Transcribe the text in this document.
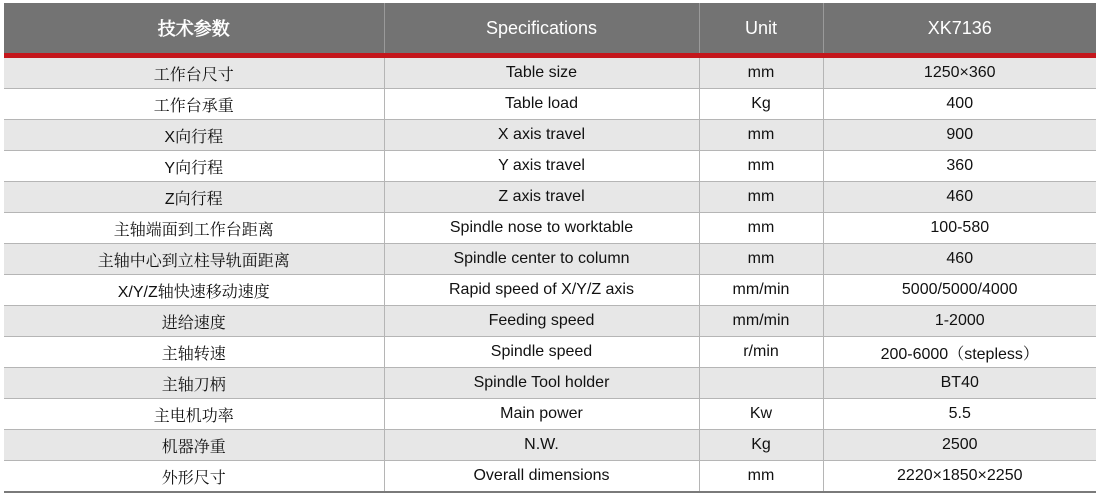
技术参数	Specifications	Unit	XK7136
工作台尺寸	Table size	mm	1250×360
工作台承重	Table load	Kg	400
X向行程	X axis travel	mm	900
Y向行程	Y axis travel	mm	360
Z向行程	Z axis travel	mm	460
主轴端面到工作台距离	Spindle nose to worktable	mm	100-580
主轴中心到立柱导轨面距离	Spindle center to column	mm	460
X/Y/Z轴快速移动速度	Rapid speed of X/Y/Z axis	mm/min	5000/5000/4000
进给速度	Feeding speed	mm/min	1-2000
主轴转速	Spindle speed	r/min	200-6000（stepless）
主轴刀柄	Spindle Tool holder		BT40
主电机功率	Main power	Kw	5.5
机器净重	N.W.	Kg	2500
外形尺寸	Overall dimensions	mm	2220×1850×2250
